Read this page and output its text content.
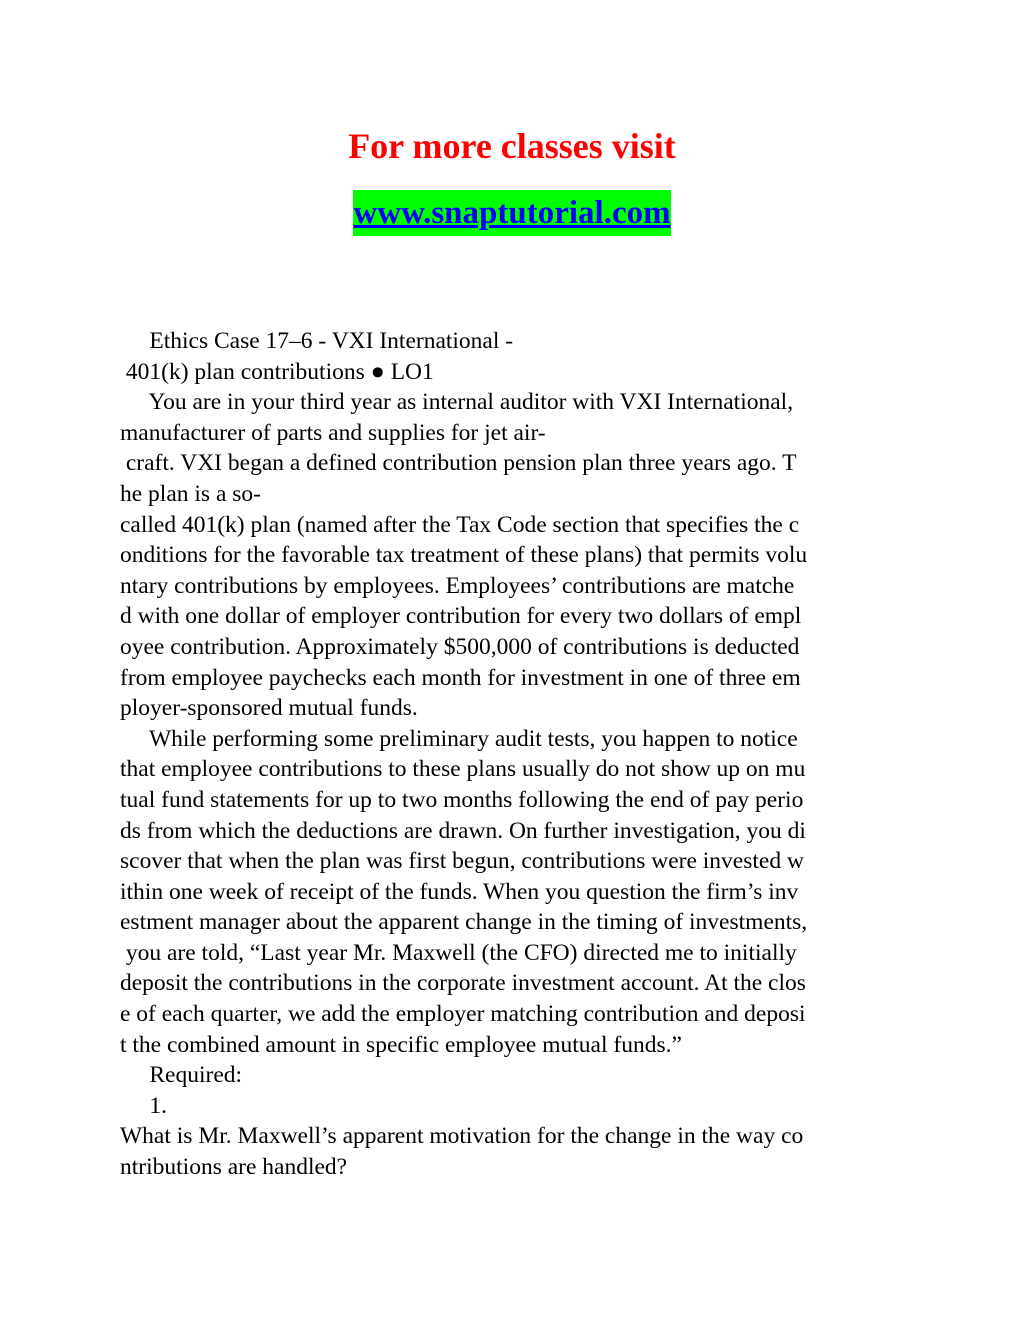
For more classes visit
www.snaptutorial.com
Ethics Case 17–6 - VXI International -
401(k) plan contributions ● LO1
You are in your third year as internal auditor with VXI International,
manufacturer of parts and supplies for jet air-
craft. VXI began a defined contribution pension plan three years ago. T
he plan is a so-
called 401(k) plan (named after the Tax Code section that specifies the c
onditions for the favorable tax treatment of these plans) that permits volu
ntary contributions by employees. Employees’ contributions are matche
d with one dollar of employer contribution for every two dollars of empl
oyee contribution. Approximately $500,000 of contributions is deducted
from employee paychecks each month for investment in one of three em
ployer-sponsored mutual funds.
While performing some preliminary audit tests, you happen to notice
that employee contributions to these plans usually do not show up on mu
tual fund statements for up to two months following the end of pay perio
ds from which the deductions are drawn. On further investigation, you di
scover that when the plan was first begun, contributions were invested w
ithin one week of receipt of the funds. When you question the firm’s inv
estment manager about the apparent change in the timing of investments,
you are told, “Last year Mr. Maxwell (the CFO) directed me to initially
deposit the contributions in the corporate investment account. At the clos
e of each quarter, we add the employer matching contribution and deposi
t the combined amount in specific employee mutual funds.”
Required:
1.
What is Mr. Maxwell’s apparent motivation for the change in the way co
ntributions are handled?
